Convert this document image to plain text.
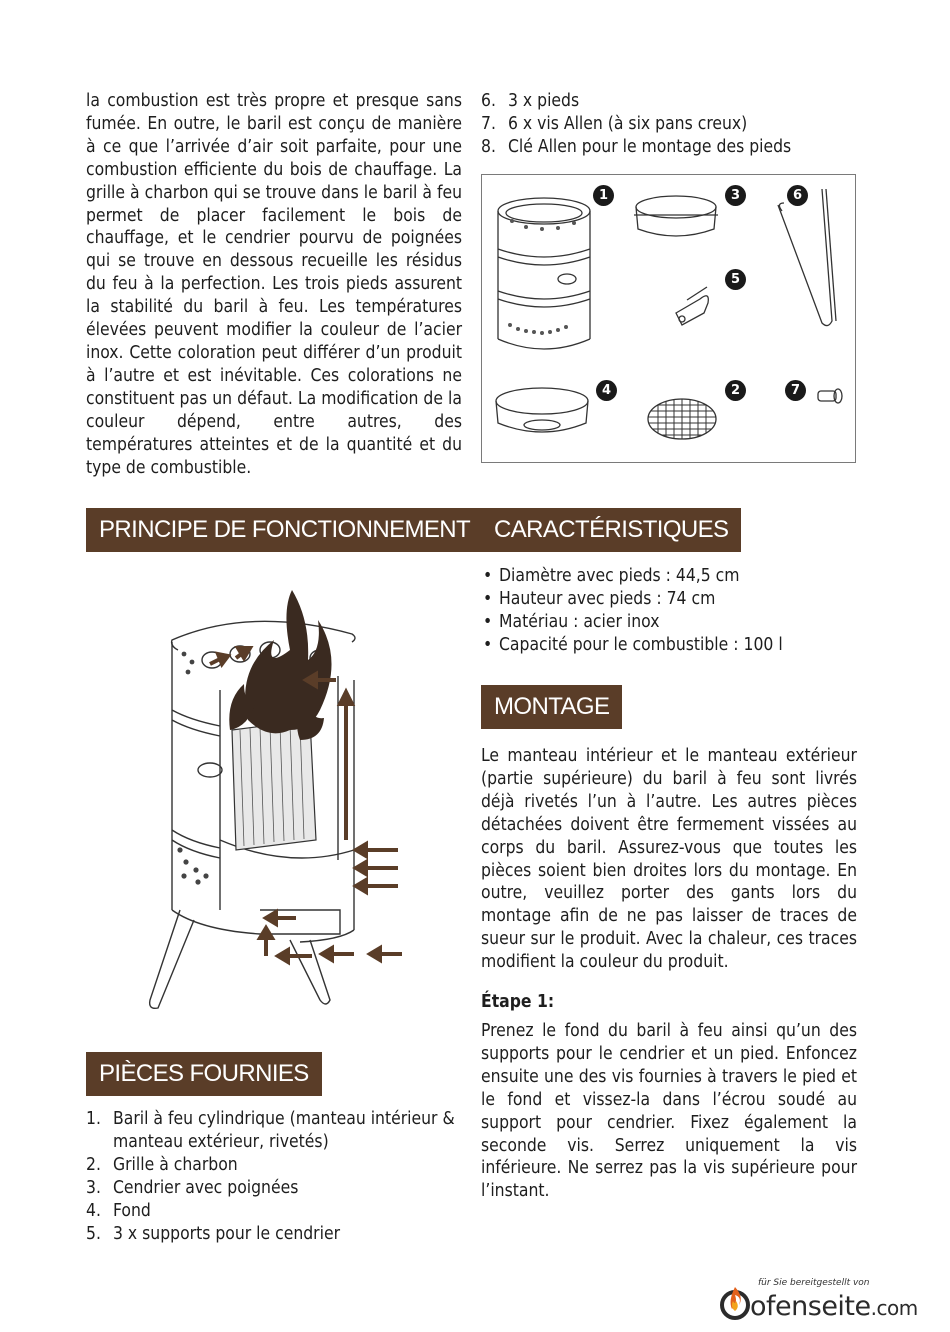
la combustion est très propre et presque sans fumée. En outre, le baril est conçu de manière à ce que l’arrivée d’air soit parfaite, pour une combustion efficiente du bois de chauffage. La grille à charbon qui se trouve dans le baril à feu permet de placer facilement le bois de chauffage, et le cendrier pourvu de poignées qui se trouve en dessous recueille les résidus du feu à la perfection. Les trois pieds assurent la stabilité du baril à feu. Les températures élevées peuvent modifier la couleur de l’acier inox. Cette coloration peut différer d’un produit à l’autre et est inévitable. Ces colorations ne constituent pas un défaut. La modification de la couleur dépend, entre autres, des températures atteintes et de la quantité et du type de combustible.

6. 3 x pieds
7. 6 x vis Allen (à six pans creux)
8. Clé Allen pour le montage des pieds
1	3	6
5
4	2	7
PRINCIPE DE FONCTIONNEMENT CARACTÉRISTIQUES
• Diamètre avec pieds : 44,5 cm
• Hauteur avec pieds : 74 cm
• Matériau : acier inox
• Capacité pour le combustible : 100 l
MONTAGE

Le manteau intérieur et le manteau extérieur (partie supérieure) du baril à feu sont livrés déjà rivetés l’un à l’autre. Les autres pièces détachées doivent être fermement vissées au corps du baril. Assurez-vous que toutes les pièces soient bien droites lors du montage. En outre, veuillez porter des gants lors du montage afin de ne pas laisser de traces de sueur sur le produit. Avec la chaleur, ces traces modifient la couleur du produit.

Étape 1:

Prenez le fond du baril à feu ainsi qu’un des supports pour le cendrier et un pied. Enfoncez ensuite une des vis fournies à travers le pied et le fond et vissez-la dans l’écrou soudé au support pour cendrier. Fixez également la seconde vis. Serrez uniquement la vis inférieure. Ne serrez pas la vis supérieure pour l’instant.

PIÈCES FOURNIES
1. Baril à feu cylindrique (manteau intérieur & manteau extérieur, rivetés)
2. Grille à charbon
3. Cendrier avec poignées
4. Fond
5. 3 x supports pour le cendrier
für Sie bereitgestellt von
ofenseite.com
